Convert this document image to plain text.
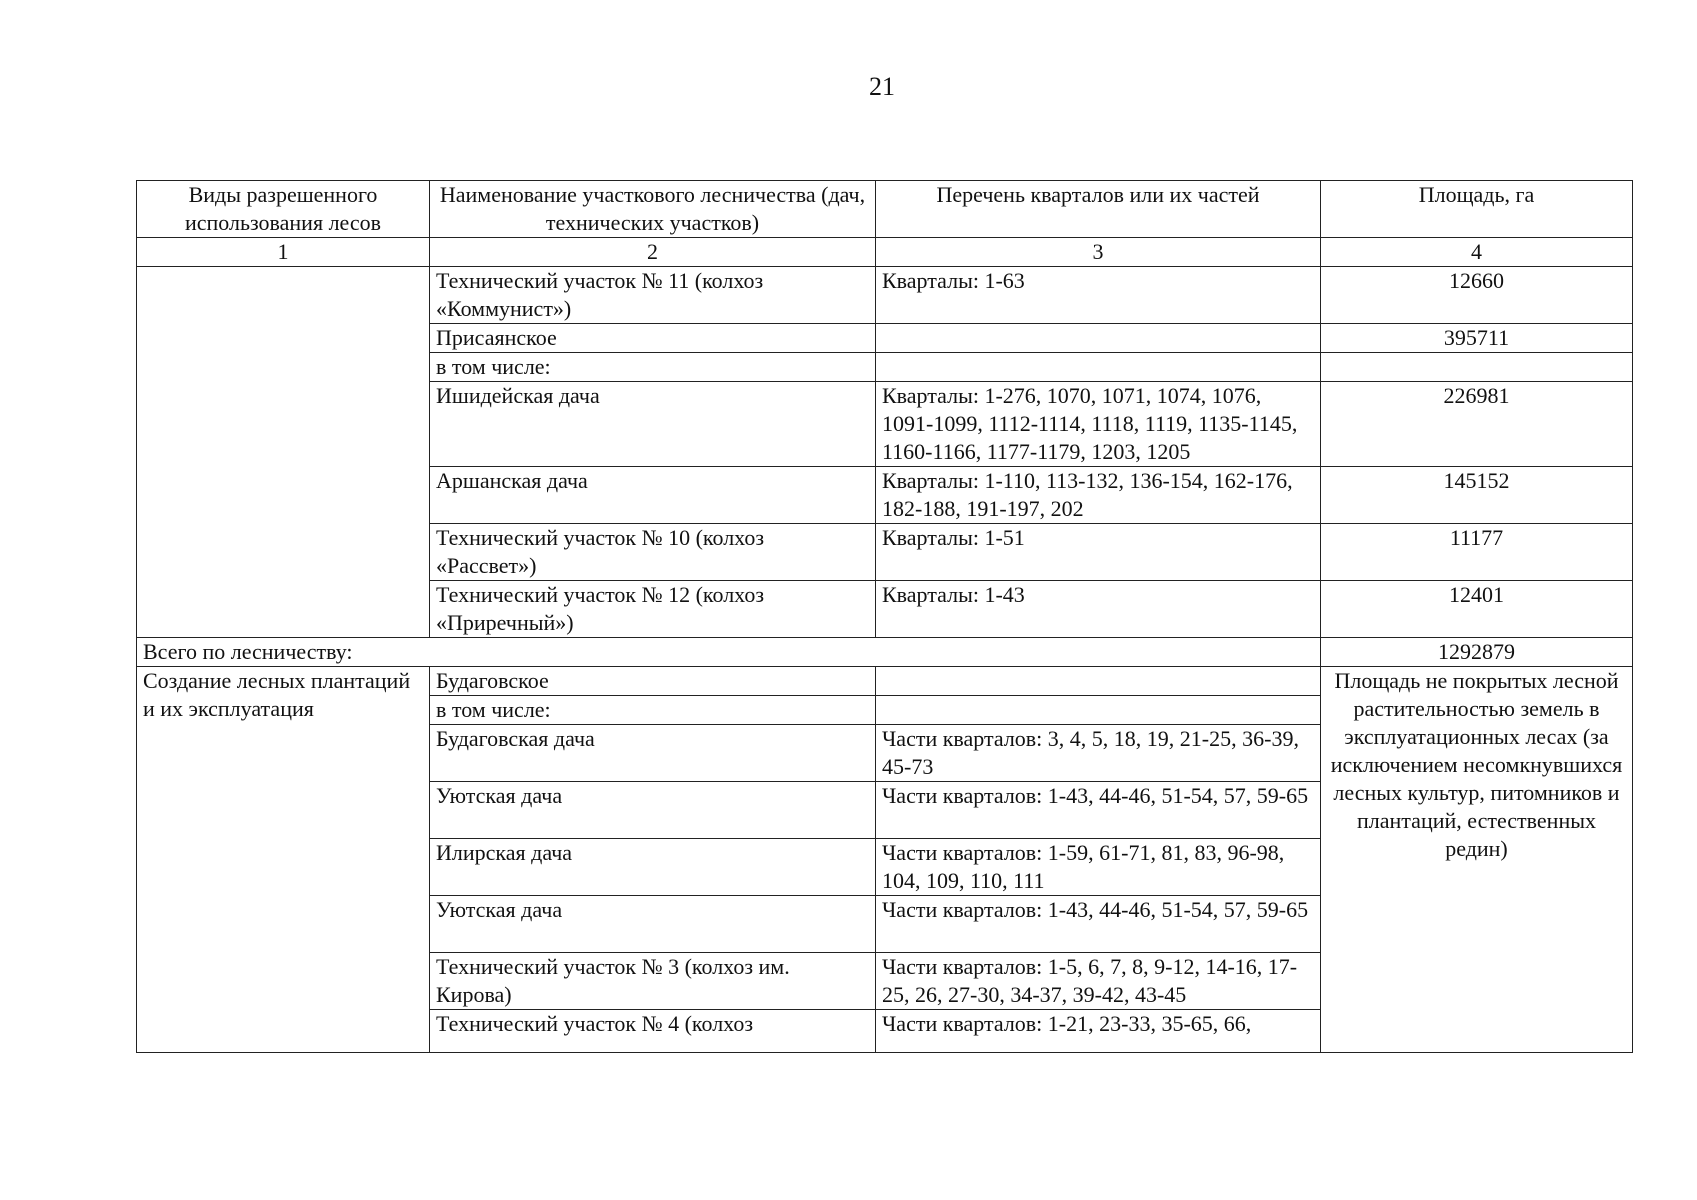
21
Виды разрешенного использования лесов	Наименование участкового лесничества (дач, технических участков)	Перечень кварталов или их частей	Площадь, га
1	2	3	4
	Технический участок № 11 (колхоз «Коммунист»)	Кварталы: 1-63	12660
	Присаянское		395711
	в том числе:		
	Ишидейская дача	Кварталы: 1-276, 1070, 1071, 1074, 1076, 1091-1099, 1112-1114, 1118, 1119, 1135-1145, 1160-1166, 1177-1179, 1203, 1205	226981
	Аршанская дача	Кварталы: 1-110, 113-132, 136-154, 162-176, 182-188, 191-197, 202	145152
	Технический участок № 10 (колхоз «Рассвет»)	Кварталы: 1-51	11177
	Технический участок № 12 (колхоз «Приречный»)	Кварталы: 1-43	12401
Всего по лесничеству:			1292879
Создание лесных плантаций и их эксплуатация	Будаговское		Площадь не покрытых лесной растительностью земель в эксплуатационных лесах (за исключением несомкнувшихся лесных культур, питомников и плантаций, естественных редин)
	в том числе:		
	Будаговская дача	Части кварталов: 3, 4, 5, 18, 19, 21-25, 36-39, 45-73	
	Уютская дача	Части кварталов: 1-43, 44-46, 51-54, 57, 59-65	
	Илирская дача	Части кварталов: 1-59, 61-71, 81, 83, 96-98, 104, 109, 110, 111	
	Уютская дача	Части кварталов: 1-43, 44-46, 51-54, 57, 59-65	
	Технический участок № 3 (колхоз им. Кирова)	Части кварталов: 1-5, 6, 7, 8, 9-12, 14-16, 17- 25, 26, 27-30, 34-37, 39-42, 43-45	
	Технический участок № 4 (колхоз	Части кварталов: 1-21, 23-33, 35-65, 66,	
